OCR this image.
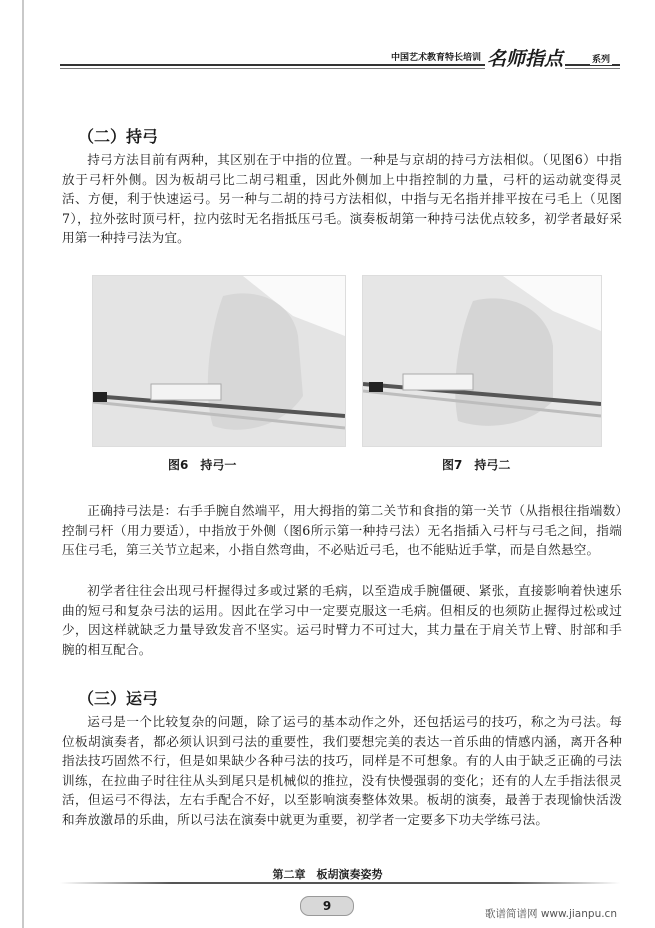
中国艺术教育特长培训 名师指点	系列
（二）持弓
持弓方法目前有两种，其区别在于中指的位置。一种是与京胡的持弓方法相似。（见图6）中指放于弓杆外侧。因为板胡弓比二胡弓粗重，因此外侧加上中指控制的力量，弓杆的运动就变得灵活、方便，利于快速运弓。另一种与二胡的持弓方法相似，中指与无名指并排平按在弓毛上（见图7），拉外弦时顶弓杆，拉内弦时无名指抵压弓毛。演奏板胡第一种持弓法优点较多，初学者最好采用第一种持弓法为宜。
图6　持弓一	图7　持弓二
正确持弓法是：右手手腕自然端平，用大拇指的第二关节和食指的第一关节（从指根往指端数）控制弓杆（用力要适），中指放于外侧（图6所示第一种持弓法）无名指插入弓杆与弓毛之间，指端压住弓毛，第三关节立起来，小指自然弯曲，不必贴近弓毛，也不能贴近手掌，而是自然悬空。
初学者往往会出现弓杆握得过多或过紧的毛病，以至造成手腕僵硬、紧张，直接影响着快速乐曲的短弓和复杂弓法的运用。因此在学习中一定要克服这一毛病。但相反的也须防止握得过松或过少，因这样就缺乏力量导致发音不坚实。运弓时臂力不可过大，其力量在于肩关节上臂、肘部和手腕的相互配合。
（三）运弓
运弓是一个比较复杂的问题，除了运弓的基本动作之外，还包括运弓的技巧，称之为弓法。每位板胡演奏者，都必须认识到弓法的重要性，我们要想完美的表达一首乐曲的情感内涵，离开各种指法技巧固然不行，但是如果缺少各种弓法的技巧，同样是不可想象。有的人由于缺乏正确的弓法训练，在拉曲子时往往从头到尾只是机械似的推拉，没有快慢强弱的变化；还有的人左手指法很灵活，但运弓不得法，左右手配合不好，以至影响演奏整体效果。板胡的演奏，最善于表现愉快活泼和奔放激昂的乐曲，所以弓法在演奏中就更为重要，初学者一定要多下功夫学练弓法。
第二章　板胡演奏姿势
9
歌谱简谱网 www.jianpu.cn
